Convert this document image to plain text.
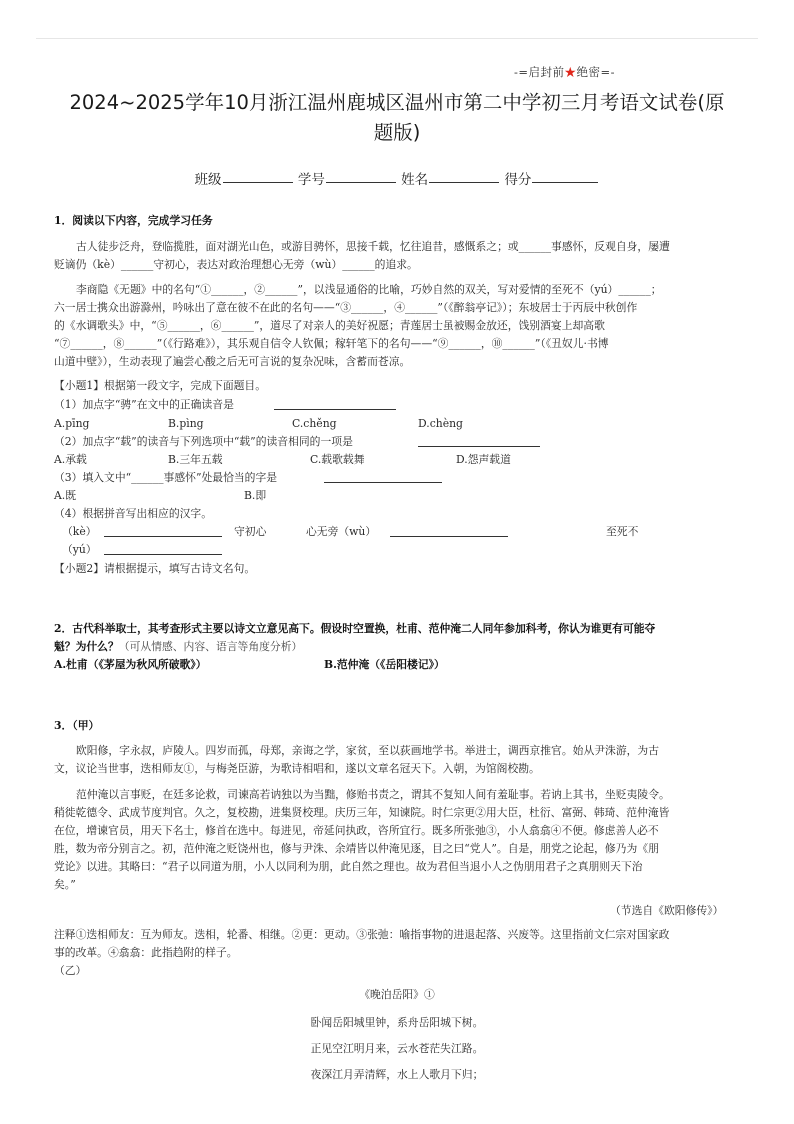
-=启封前★绝密=-
2024~2025学年10月浙江温州鹿城区温州市第二中学初三月考语文试卷(原
题版)
班级	学号	姓名	得分
1．阅读以下内容，完成学习任务
古人徒步泛舟，登临揽胜，面对湖光山色，或游目骋怀，思接千载，忆往追昔，感慨系之；或______事感怀，反观自身，屡遭
贬谪仍（kè）______守初心，表达对政治理想心无旁（wù）______的追求。
李商隐《无题》中的名句“①______，②______”，以浅显通俗的比喻，巧妙自然的双关，写对爱情的至死不（yú）______；
六一居士携众出游滁州，吟咏出了意在彼不在此的名句——“③______，④______”（《醉翁亭记》）；东坡居士于丙辰中秋创作
的《水调歌头》中，“⑤______，⑥______”，道尽了对亲人的美好祝愿；青莲居士虽被赐金放还，饯别酒宴上却高歌
“⑦______，⑧______”（《行路难》），其乐观自信令人钦佩；稼轩笔下的名句——“⑨______，⑩______”（《丑奴儿·书博
山道中壁》），生动表现了遍尝心酸之后无可言说的复杂况味，含蓄而苍凉。
【小题1】根据第一段文字，完成下面题目。
（1）加点字“骋”在文中的正确读音是
A.pīng	B.pìng	C.chěng	D.chèng
（2）加点字“载”的读音与下列选项中“载”的读音相同的一项是
A.承载	B.三年五载	C.载歌载舞	D.怨声载道
（3）填入文中“______事感怀”处最恰当的字是
A.既	B.即
（4）根据拼音写出相应的汉字。
（kè）	守初心	心无旁（wù）	至死不
（yú）
【小题2】请根据提示，填写古诗文名句。
2．古代科举取士，其考查形式主要以诗文立意见高下。假设时空置换，杜甫、范仲淹二人同年参加科考，你认为谁更有可能夺
魁？为什么？（可从情感、内容、语言等角度分析）
A.杜甫（《茅屋为秋风所破歌》）	B.范仲淹（《岳阳楼记》）
3．（甲）
欧阳修，字永叔，庐陵人。四岁而孤，母郑，亲诲之学，家贫，至以荻画地学书。举进士，调西京推官。始从尹洙游，为古
文，议论当世事，迭相师友①，与梅尧臣游，为歌诗相唱和，遂以文章名冠天下。入朝，为馆阁校勘。
范仲淹以言事贬，在廷多论救，司谏高若讷独以为当黜，修贻书责之，谓其不复知人间有羞耻事。若讷上其书，坐贬夷陵令。
稍徙乾德令、武成节度判官。久之，复校勘，进集贤校理。庆历三年，知谏院。时仁宗更②用大臣，杜衍、富弼、韩琦、范仲淹皆
在位，增谏官员，用天下名士，修首在选中。每进见，帝延问执政，咨所宜行。既多所张弛③，小人翕翕④不便。修虑善人必不
胜，数为帝分别言之。初，范仲淹之贬饶州也，修与尹洙、余靖皆以仲淹见逐，目之曰“党人”。自是，朋党之论起，修乃为《朋
党论》以进。其略曰：“君子以同道为朋，小人以同利为朋，此自然之理也。故为君但当退小人之伪朋用君子之真朋则天下治
矣。”
（节选自《欧阳修传》）
注释①迭相师友：互为师友。迭相，轮番、相继。②更：更动。③张弛：喻指事物的进退起落、兴废等。这里指前文仁宗对国家政
事的改革。④翕翕：此指趋附的样子。
（乙）
《晚泊岳阳》①
卧闻岳阳城里钟，系舟岳阳城下树。
正见空江明月来，云水苍茫失江路。
夜深江月弄清辉，水上人歌月下归；
